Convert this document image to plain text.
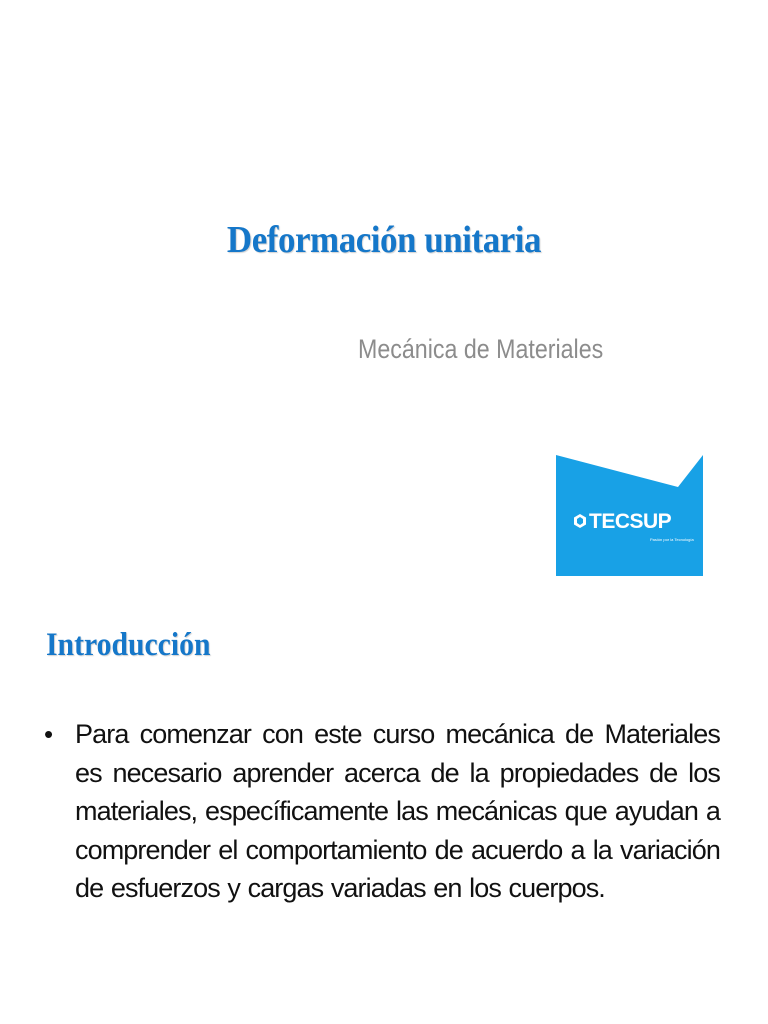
Deformación unitaria
Mecánica de Materiales
TECSUP
Pasión por la Tecnología
Introducción
• Para comenzar con este curso mecánica de Materiales es necesario aprender acerca de la propiedades de los materiales, específicamente las mecánicas que ayudan a comprender el comportamiento de acuerdo a la variación de esfuerzos y cargas variadas en los cuerpos.
